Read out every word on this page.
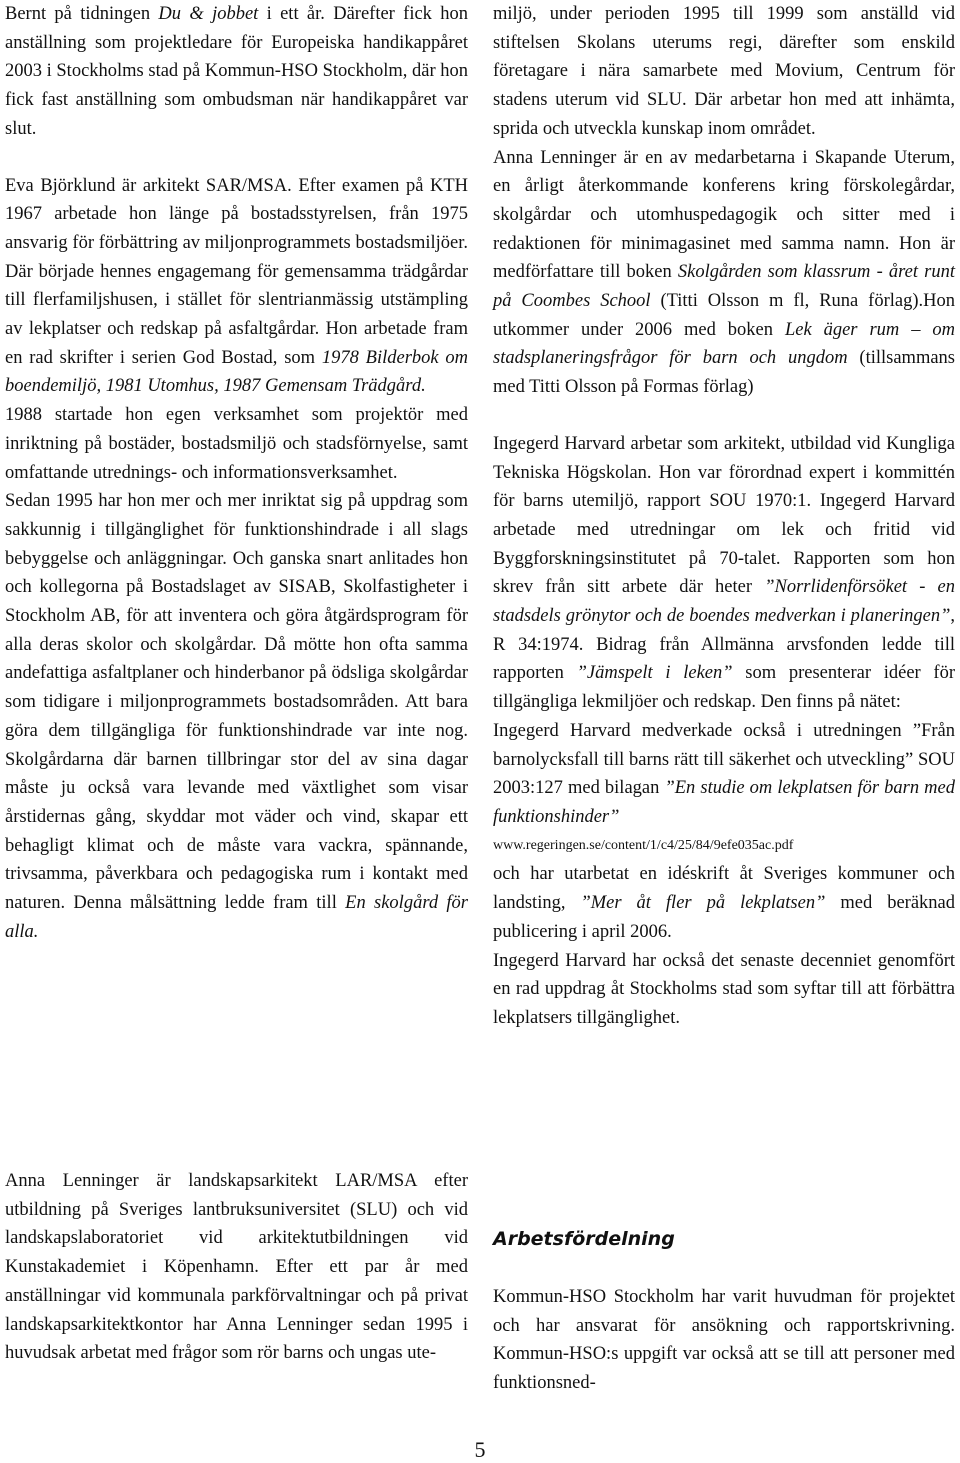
Bernt på tidningen Du & jobbet i ett år. Därefter fick hon anställning som projektledare för Europeiska handikappåret 2003 i Stockholms stad på Kommun-HSO Stockholm, där hon fick fast anställning som ombudsman när handikappåret var slut.

Eva Björklund är arkitekt SAR/MSA. Efter examen på KTH 1967 arbetade hon länge på bostadsstyrelsen, från 1975 ansvarig för förbättring av miljonprogrammets bostadsmiljöer. Där började hennes engagemang för gemensamma trädgårdar till flerfamiljshusen, i stället för slentrianmässig utstämpling av lekplatser och redskap på asfaltgårdar. Hon arbetade fram en rad skrifter i serien God Bostad, som 1978 Bilderbok om boendemiljö, 1981 Utomhus, 1987 Gemensam Trädgård.

1988 startade hon egen verksamhet som projektör med inriktning på bostäder, bostadsmiljö och stadsförnyelse, samt omfattande utrednings- och informationsverksamhet.

Sedan 1995 har hon mer och mer inriktat sig på uppdrag som sakkunnig i tillgänglighet för funktionshindrade i all slags bebyggelse och anläggningar. Och ganska snart anlitades hon och kollegorna på Bostadslaget av SISAB, Skolfastigheter i Stockholm AB, för att inventera och göra åtgärdsprogram för alla deras skolor och skolgårdar. Då mötte hon ofta samma andefattiga asfaltplaner och hinderbanor på ödsliga skolgårdar som tidigare i miljonprogrammets bostadsområden. Att bara göra dem tillgängliga för funktionshindrade var inte nog. Skolgårdarna där barnen tillbringar stor del av sina dagar måste ju också vara levande med växtlighet som visar årstidernas gång, skyddar mot väder och vind, skapar ett behagligt klimat och de måste vara vackra, spännande, trivsamma, påverkbara och pedagogiska rum i kontakt med naturen. Denna målsättning ledde fram till En skolgård för alla.

Anna Lenninger är landskapsarkitekt LAR/MSA efter utbildning på Sveriges lantbruksuniversitet (SLU) och vid landskapslaboratoriet vid arkitektutbildningen vid Kunstakademiet i Köpenhamn. Efter ett par år med anställningar vid kommunala parkförvaltningar och på privat landskapsarkitektkontor har Anna Lenninger sedan 1995 i huvudsak arbetat med frågor som rör barns och ungas ute-

miljö, under perioden 1995 till 1999 som anställd vid stiftelsen Skolans uterums regi, därefter som enskild företagare i nära samarbete med Movium, Centrum för stadens uterum vid SLU. Där arbetar hon med att inhämta, sprida och utveckla kunskap inom området.

Anna Lenninger är en av medarbetarna i Skapande Uterum, en årligt återkommande konferens kring förskolegårdar, skolgårdar och utomhuspedagogik och sitter med i redaktionen för minimagasinet med samma namn. Hon är medförfattare till boken Skolgården som klassrum - året runt på Coombes School (Titti Olsson m fl, Runa förlag).Hon utkommer under 2006 med boken Lek äger rum – om stadsplaneringsfrågor för barn och ungdom (tillsammans med Titti Olsson på Formas förlag)

Ingegerd Harvard arbetar som arkitekt, utbildad vid Kungliga Tekniska Högskolan. Hon var förordnad expert i kommittén för barns utemiljö, rapport SOU 1970:1. Ingegerd Harvard arbetade med utredningar om lek och fritid vid Byggforskningsinstitutet på 70-talet. Rapporten som hon skrev från sitt arbete där heter ”Norrlidenförsöket - en stadsdels grönytor och de boendes medverkan i planeringen”, R 34:1974. Bidrag från Allmänna arvsfonden ledde till rapporten ”Jämspelt i leken” som presenterar idéer för tillgängliga lekmiljöer och redskap. Den finns på nätet:

Ingegerd Harvard medverkade också i utredningen ”Från barnolycksfall till barns rätt till säkerhet och utveckling” SOU 2003:127 med bilagan ”En studie om lekplatsen för barn med funktionshinder”

www.regeringen.se/content/1/c4/25/84/9efe035ac.pdf

och har utarbetat en idéskrift åt Sveriges kommuner och landsting, ”Mer åt fler på lekplatsen” med beräknad publicering i april 2006.

Ingegerd Harvard har också det senaste decenniet genomfört en rad uppdrag åt Stockholms stad som syftar till att förbättra lekplatsers tillgänglighet.

Arbetsfördelning

Kommun-HSO Stockholm har varit huvudman för projektet och har ansvarat för ansökning och rapportskrivning. Kommun-HSO:s uppgift var också att se till att personer med funktionsned-

5
